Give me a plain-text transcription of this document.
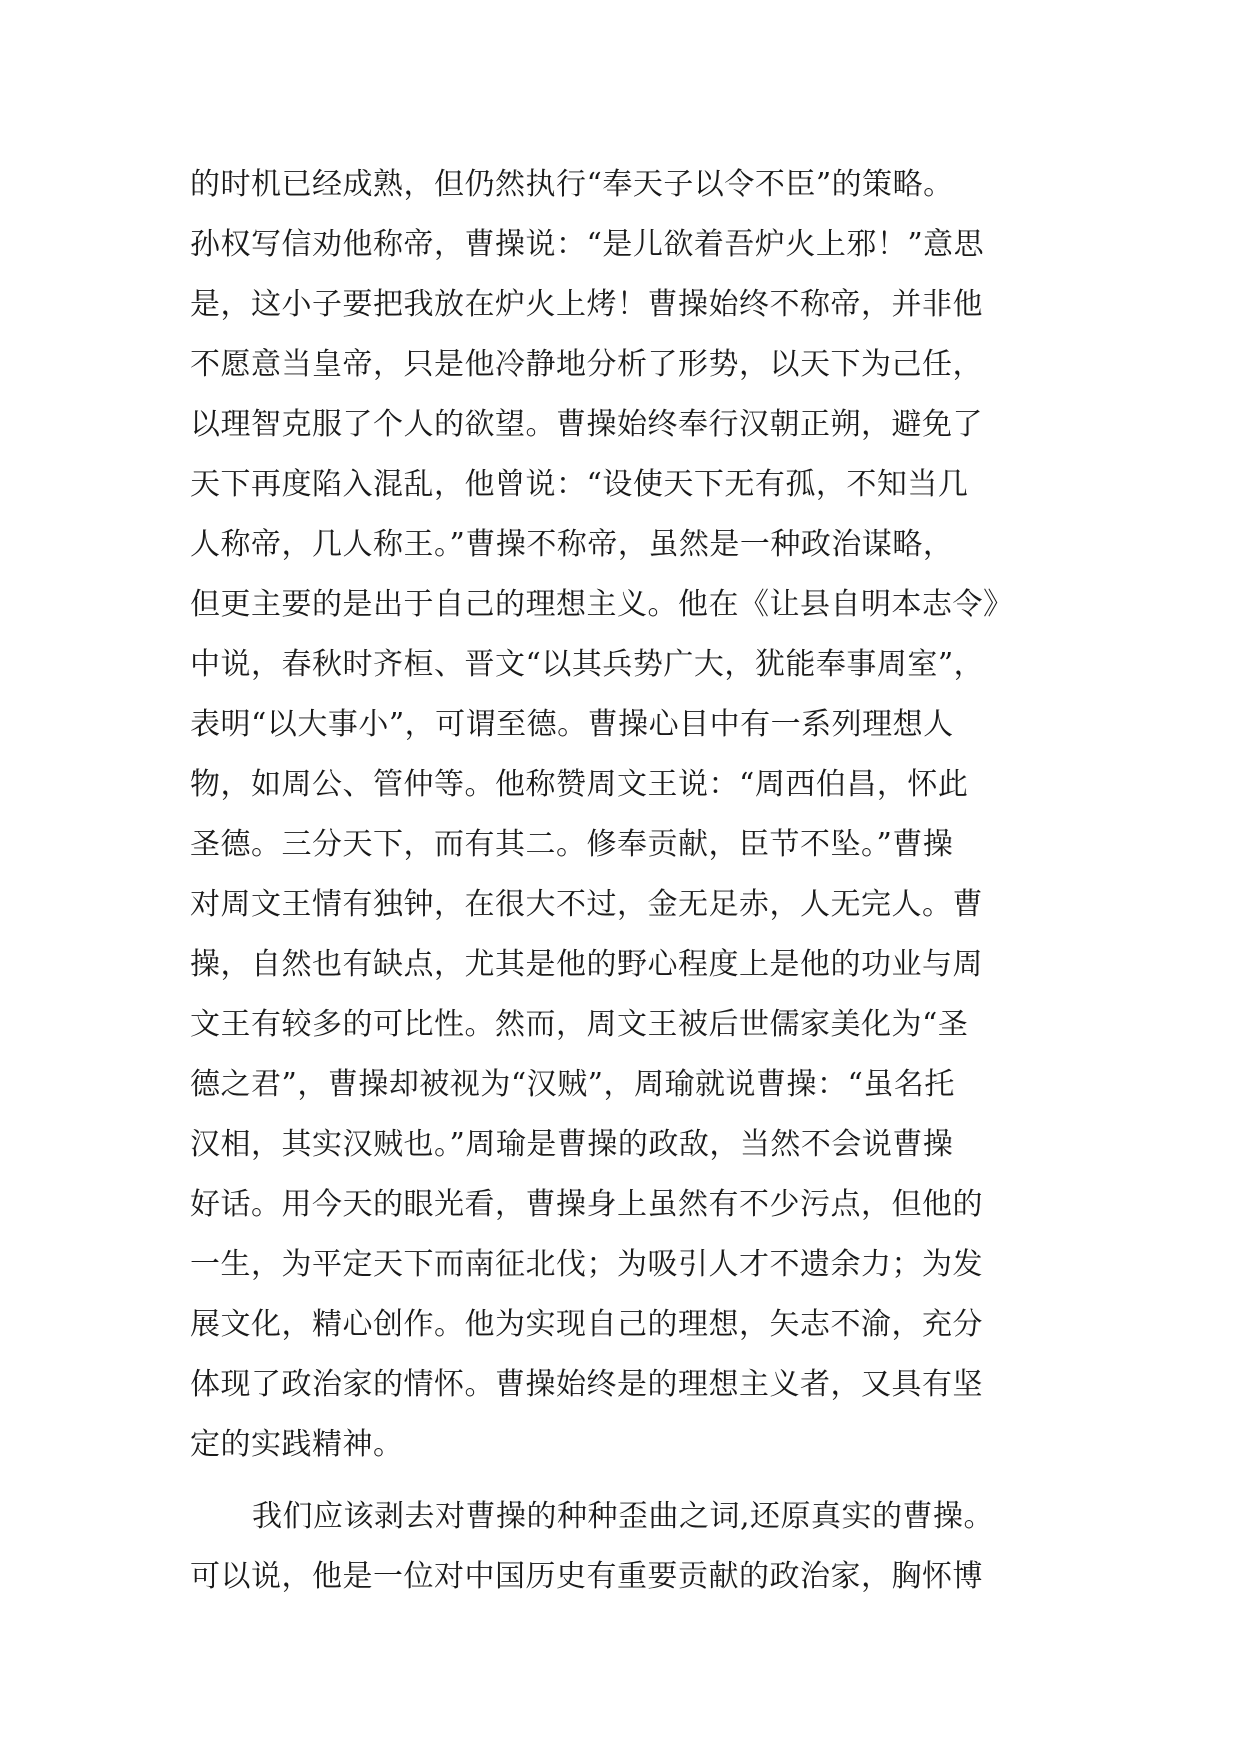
的时机已经成熟，但仍然执行“奉天子以令不臣”的策略。
孙权写信劝他称帝，曹操说：“是儿欲着吾炉火上邪！”意思
是，这小子要把我放在炉火上烤！曹操始终不称帝，并非他
不愿意当皇帝，只是他冷静地分析了形势，以天下为己任，
以理智克服了个人的欲望。曹操始终奉行汉朝正朔，避免了
天下再度陷入混乱，他曾说：“设使天下无有孤，不知当几
人称帝，几人称王。”曹操不称帝，虽然是一种政治谋略，
但更主要的是出于自己的理想主义。他在《让县自明本志令》
中说，春秋时齐桓、晋文“以其兵势广大，犹能奉事周室”，
表明“以大事小”，可谓至德。曹操心目中有一系列理想人
物，如周公、管仲等。他称赞周文王说：“周西伯昌，怀此
圣德。三分天下，而有其二。修奉贡献，臣节不坠。”曹操
对周文王情有独钟，在很大不过，金无足赤，人无完人。曹
操，自然也有缺点，尤其是他的野心程度上是他的功业与周
文王有较多的可比性。然而，周文王被后世儒家美化为“圣
德之君”，曹操却被视为“汉贼”，周瑜就说曹操：“虽名托
汉相，其实汉贼也。”周瑜是曹操的政敌，当然不会说曹操
好话。用今天的眼光看，曹操身上虽然有不少污点，但他的
一生，为平定天下而南征北伐；为吸引人才不遗余力；为发
展文化，精心创作。他为实现自己的理想，矢志不渝，充分
体现了政治家的情怀。曹操始终是的理想主义者，又具有坚
定的实践精神。
我们应该剥去对曹操的种种歪曲之词,还原真实的曹操。
可以说，他是一位对中国历史有重要贡献的政治家，胸怀博
